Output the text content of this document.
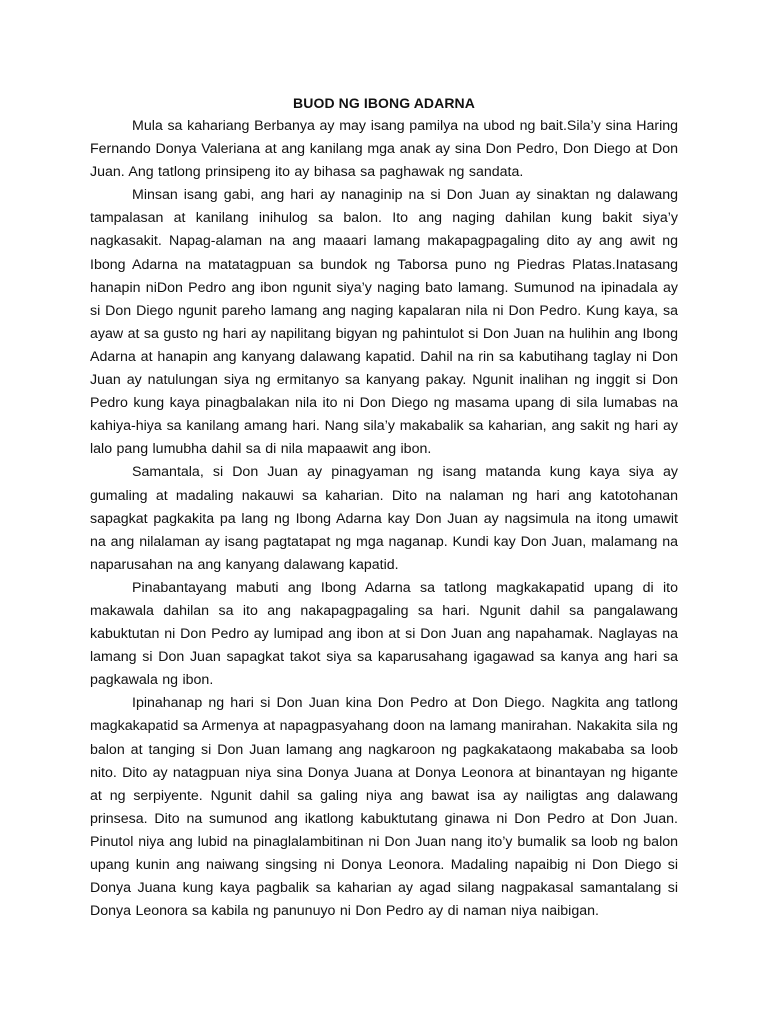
BUOD NG IBONG ADARNA

Mula sa kahariang Berbanya ay may isang pamilya na ubod ng bait.Sila’y sina Haring Fernando Donya Valeriana at ang kanilang mga anak ay sina Don Pedro, Don Diego at Don Juan. Ang tatlong prinsipeng ito ay bihasa sa paghawak ng sandata.

Minsan isang gabi, ang hari ay nanaginip na si Don Juan ay sinaktan ng dalawang tampalasan at kanilang inihulog sa balon. Ito ang naging dahilan kung bakit siya’y nagkasakit. Napag-alaman na ang maaari lamang makapagpagaling dito ay ang awit ng Ibong Adarna na matatagpuan sa bundok ng Taborsa puno ng Piedras Platas.Inatasang hanapin niDon Pedro ang ibon ngunit siya’y naging bato lamang. Sumunod na ipinadala ay si Don Diego ngunit pareho lamang ang naging kapalaran nila ni Don Pedro. Kung kaya, sa ayaw at sa gusto ng hari ay napilitang bigyan ng pahintulot si Don Juan na hulihin ang Ibong Adarna at hanapin ang kanyang dalawang kapatid. Dahil na rin sa kabutihang taglay ni Don Juan ay natulungan siya ng ermitanyo sa kanyang pakay. Ngunit inalihan ng inggit si Don Pedro kung kaya pinagbalakan nila ito ni Don Diego ng masama upang di sila lumabas na kahiya-hiya sa kanilang amang hari. Nang sila’y makabalik sa kaharian, ang sakit ng hari ay lalo pang lumubha dahil sa di nila mapaawit ang ibon.

Samantala, si Don Juan ay pinagyaman ng isang matanda kung kaya siya ay gumaling at madaling nakauwi sa kaharian. Dito na nalaman ng hari ang katotohanan sapagkat pagkakita pa lang ng Ibong Adarna kay Don Juan ay nagsimula na itong umawit na ang nilalaman ay isang pagtatapat ng mga naganap. Kundi kay Don Juan, malamang na naparusahan na ang kanyang dalawang kapatid.

Pinabantayang mabuti ang Ibong Adarna sa tatlong magkakapatid upang di ito makawala dahilan sa ito ang nakapagpagaling sa hari. Ngunit dahil sa pangalawang kabuktutan ni Don Pedro ay lumipad ang ibon at si Don Juan ang napahamak. Naglayas na lamang si Don Juan sapagkat takot siya sa kaparusahang igagawad sa kanya ang hari sa pagkawala ng ibon.

Ipinahanap ng hari si Don Juan kina Don Pedro at Don Diego. Nagkita ang tatlong magkakapatid sa Armenya at napagpasyahang doon na lamang manirahan. Nakakita sila ng balon at tanging si Don Juan lamang ang nagkaroon ng pagkakataong makababa sa loob nito. Dito ay natagpuan niya sina Donya Juana at Donya Leonora at binantayan ng higante at ng serpiyente. Ngunit dahil sa galing niya ang bawat isa ay nailigtas ang dalawang prinsesa. Dito na sumunod ang ikatlong kabuktutang ginawa ni Don Pedro at Don Juan. Pinutol niya ang lubid na pinaglalambitinan ni Don Juan nang ito’y bumalik sa loob ng balon upang kunin ang naiwang singsing ni Donya Leonora. Madaling napaibig ni Don Diego si Donya Juana kung kaya pagbalik sa kaharian ay agad silang nagpakasal samantalang si Donya Leonora sa kabila ng panunuyo ni Don Pedro ay di naman niya naibigan.
